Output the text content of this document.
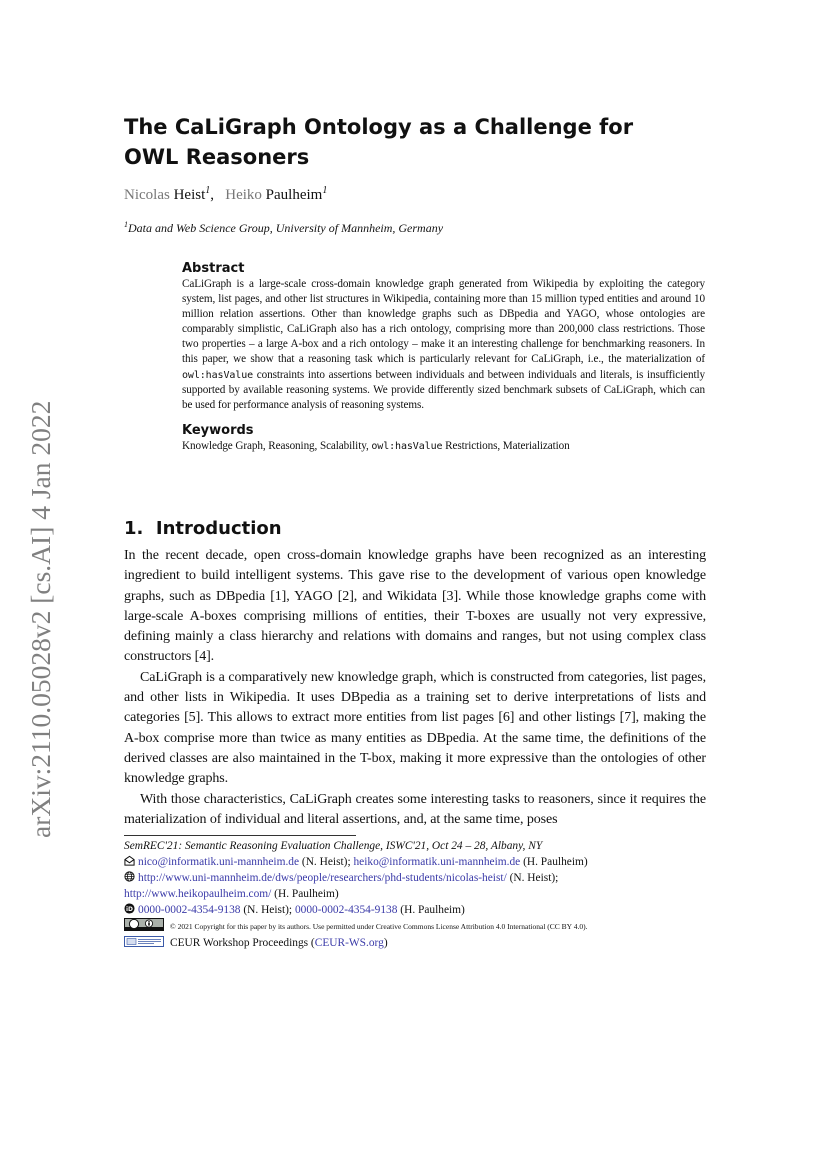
arXiv:2110.05028v2 [cs.AI] 4 Jan 2022
The CaLiGraph Ontology as a Challenge for
OWL Reasoners
Nicolas Heist$^1$,   Heiko Paulheim$^1$
$^1$Data and Web Science Group, University of Mannheim, Germany

Abstract

CaLiGraph is a large-scale cross-domain knowledge graph generated from Wikipedia by exploiting the category system, list pages, and other list structures in Wikipedia, containing more than 15 million typed entities and around 10 million relation assertions. Other than knowledge graphs such as DBpedia and YAGO, whose ontologies are comparably simplistic, CaLiGraph also has a rich ontology, comprising more than 200,000 class restrictions. Those two properties – a large A-box and a rich ontology – make it an interesting challenge for benchmarking reasoners. In this paper, we show that a reasoning task which is particularly relevant for CaLiGraph, i.e., the materialization of owl:hasValue constraints into assertions between individuals and between individuals and literals, is insufficiently supported by available reasoning systems. We provide differently sized benchmark subsets of CaLiGraph, which can be used for performance analysis of reasoning systems.

Keywords

Knowledge Graph, Reasoning, Scalability, owl:hasValue Restrictions, Materialization

1. Introduction

In the recent decade, open cross-domain knowledge graphs have been recognized as an interesting ingredient to build intelligent systems. This gave rise to the development of various open knowledge graphs, such as DBpedia [1], YAGO [2], and Wikidata [3]. While those knowledge graphs come with large-scale A-boxes comprising millions of entities, their T-boxes are usually not very expressive, defining mainly a class hierarchy and relations with domains and ranges, but not using complex class constructors [4].

CaLiGraph is a comparatively new knowledge graph, which is constructed from categories, list pages, and other lists in Wikipedia. It uses DBpedia as a training set to derive interpretations of lists and categories [5]. This allows to extract more entities from list pages [6] and other listings [7], making the A-box comprise more than twice as many entities as DBpedia. At the same time, the definitions of the derived classes are also maintained in the T-box, making it more expressive than the ontologies of other knowledge graphs.

With those characteristics, CaLiGraph creates some interesting tasks to reasoners, since it requires the materialization of individual and literal assertions, and, at the same time, poses

SemREC'21: Semantic Reasoning Evaluation Challenge, ISWC'21, Oct 24 – 28, Albany, NY

nico@informatik.uni-mannheim.de (N. Heist); heiko@informatik.uni-mannheim.de (H. Paulheim)

http://www.uni-mannheim.de/dws/people/researchers/phd-students/nicolas-heist/ (N. Heist); http://www.heikopaulheim.com/ (H. Paulheim)

iD 0000-0002-4354-9138 (N. Heist); 0000-0002-4354-9138 (H. Paulheim)

© 2021 Copyright for this paper by its authors. Use permitted under Creative Commons License Attribution 4.0 International (CC BY 4.0).

CEUR Workshop Proceedings (CEUR-WS.org)
